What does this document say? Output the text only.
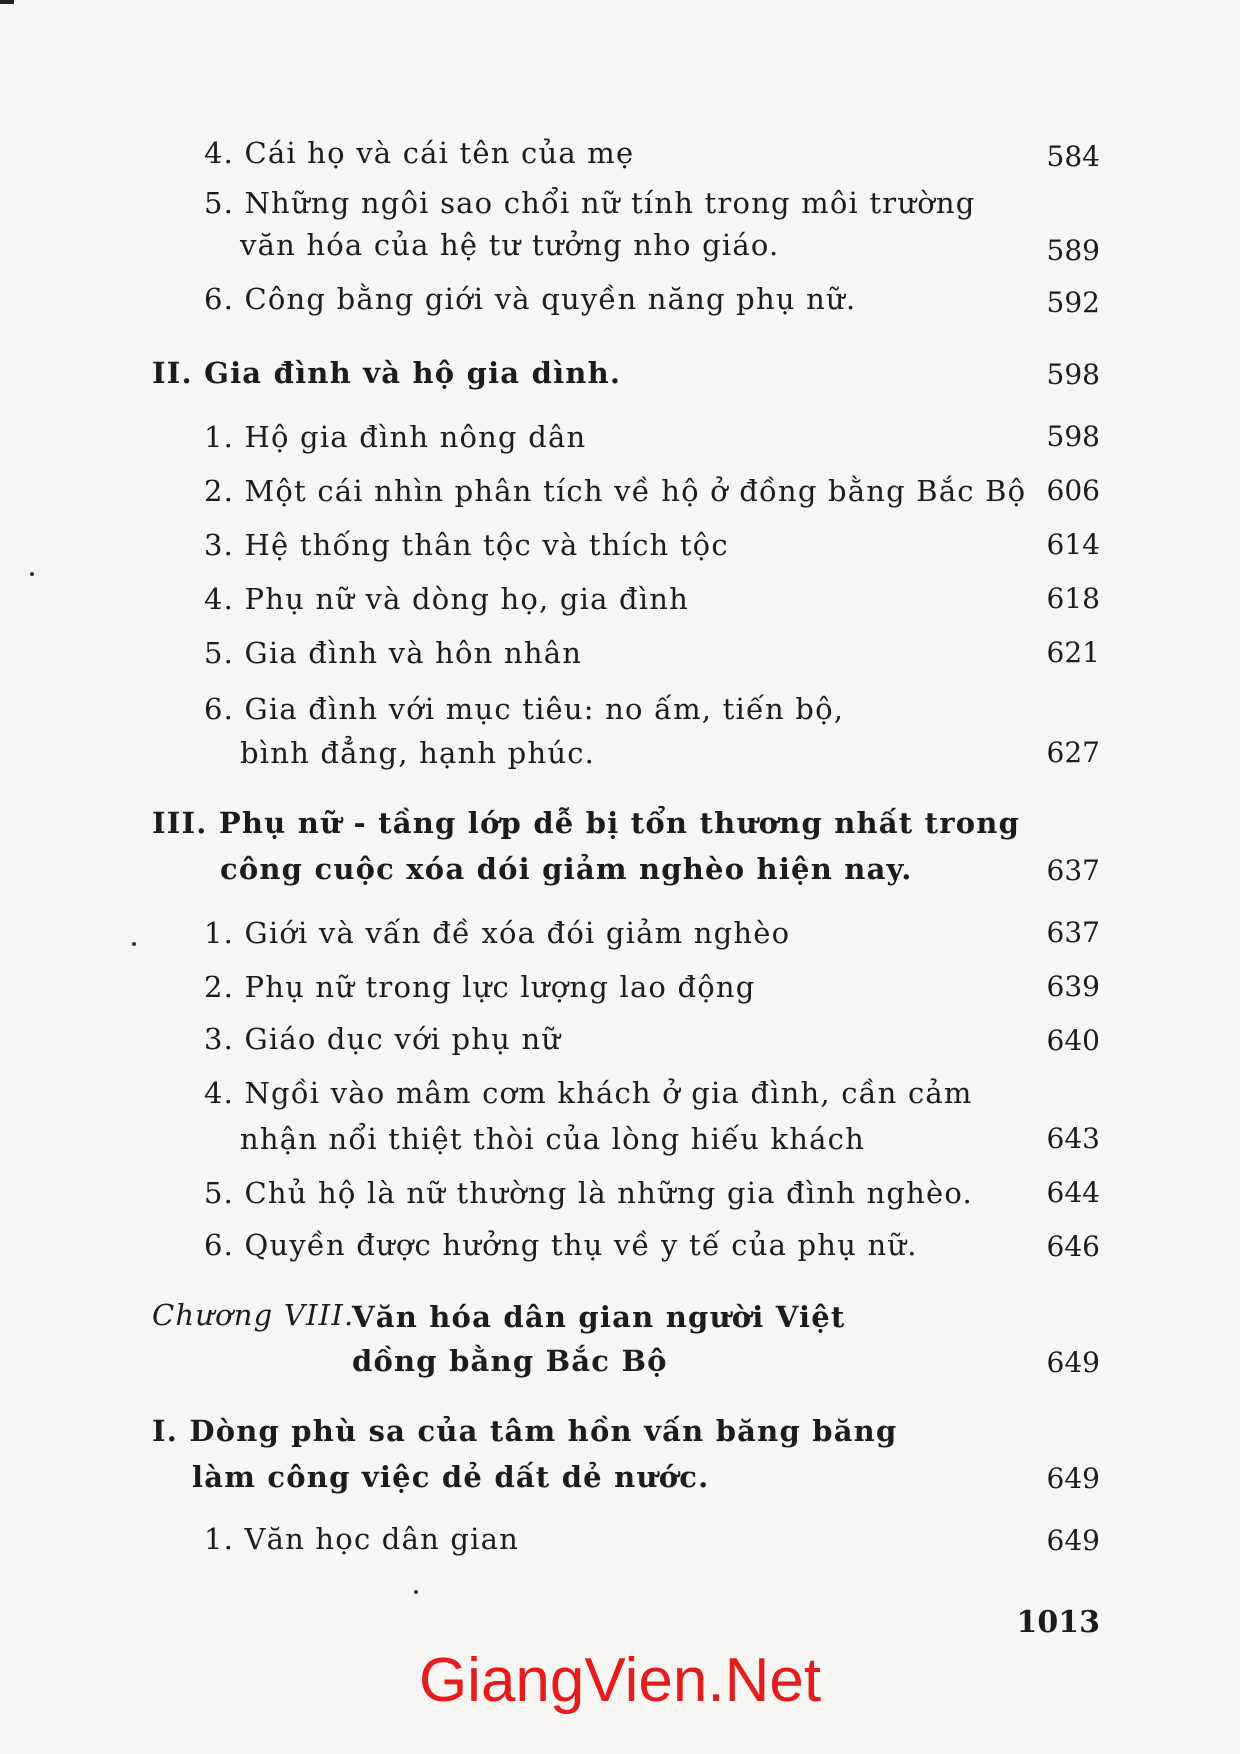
4. Cái họ và cái tên của mẹ	584
5. Những ngôi sao chổi nữ tính trong môi trường
văn hóa của hệ tư tưởng nho giáo.	589
6. Công bằng giới và quyền năng phụ nữ.	592
II. Gia đình và hộ gia dình.	598
1. Hộ gia đình nông dân	598
2. Một cái nhìn phân tích về hộ ở đồng bằng Bắc Bộ 606
3. Hệ thống thân tộc và thích tộc	614
4. Phụ nữ và dòng họ, gia đình	618
5. Gia đình và hôn nhân	621
6. Gia đình với mục tiêu: no ấm, tiến bộ,
bình đẳng, hạnh phúc.	627
III. Phụ nữ - tầng lớp dễ bị tổn thương nhất trong
công cuộc xóa dói giảm nghèo hiện nay.	637
1. Giới và vấn đề xóa đói giảm nghèo	637
2. Phụ nữ trong lực lượng lao động	639
3. Giáo dục với phụ nữ	640
4. Ngồi vào mâm cơm khách ở gia đình, cần cảm
nhận nổi thiệt thòi của lòng hiếu khách	643
5. Chủ hộ là nữ thường là những gia đình nghèo.	644
6. Quyền được hưởng thụ về y tế của phụ nữ.	646
Chương VIII.
Văn hóa dân gian người Việt
dồng bằng Bắc Bộ	649
I. Dòng phù sa của tâm hồn vấn băng băng
làm công việc dẻ dất dẻ nước.	649
1. Văn học dân gian	649
1013
GiangVien.Net
